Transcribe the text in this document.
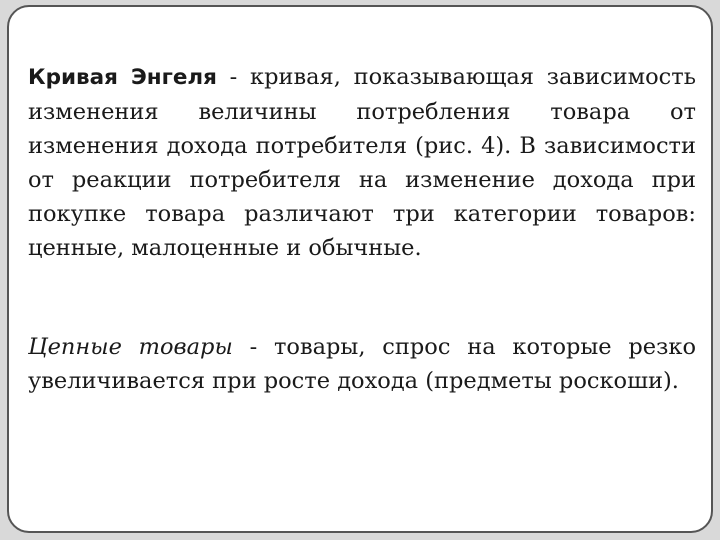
Кривая Энгеля - кривая, показывающая зависимость изменения величины потребления товара от изменения дохода потребителя (рис. 4). В зависимости от реакции потребителя на изменение дохода при покупке товара различают три категории товаров: ценные, малоценные и обычные.

Цепные товары - товары, спрос на которые резко увеличивается при росте дохода (предметы роскоши).
